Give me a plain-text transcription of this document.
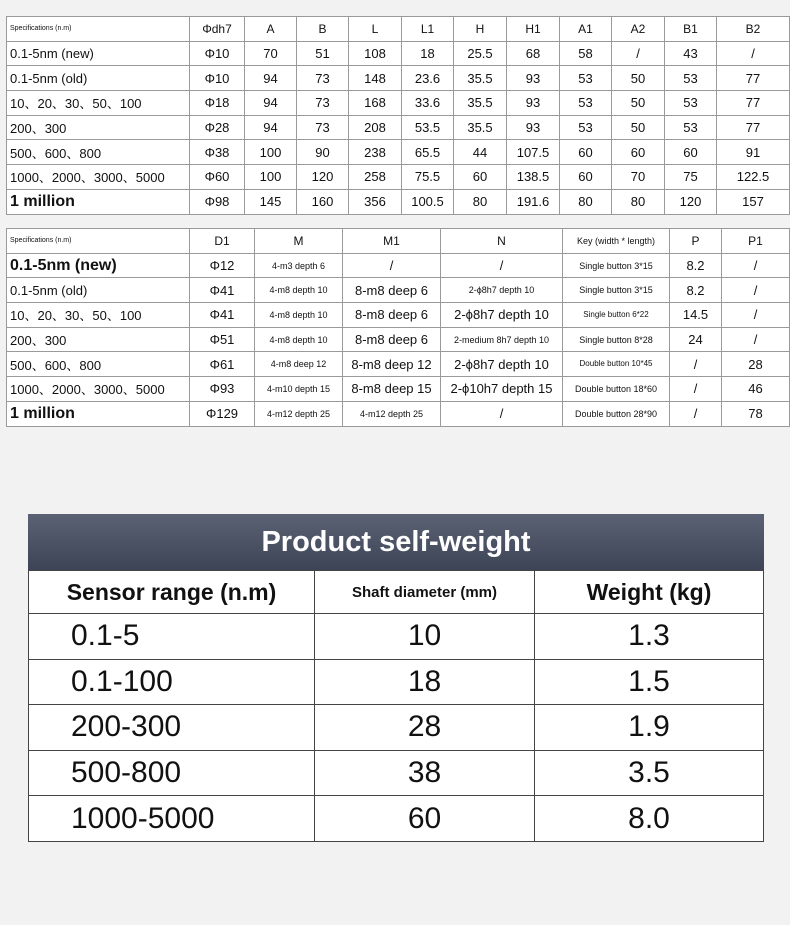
Specifications (n.m)	Φdh7	A	B	L	L1	H	H1	A1	A2	B1	B2
0.1-5nm (new)	Φ10	70	51	108	18	25.5	68	58	/	43	/
0.1-5nm (old)	Φ10	94	73	148	23.6	35.5	93	53	50	53	77
10、20、30、50、100	Φ18	94	73	168	33.6	35.5	93	53	50	53	77
200、300	Φ28	94	73	208	53.5	35.5	93	53	50	53	77
500、600、800	Φ38	100	90	238	65.5	44	107.5	60	60	60	91
1000、2000、3000、5000	Φ60	100	120	258	75.5	60	138.5	60	70	75	122.5
1 million	Φ98	145	160	356	100.5	80	191.6	80	80	120	157
Specifications (n.m)	D1	M	M1	N	Key (width * length)	P	P1
0.1-5nm (new)	Φ12	4-m3 depth 6	/	/	Single button 3*15	8.2	/
0.1-5nm (old)	Φ41	4-m8 depth 10	8-m8 deep 6	2-ϕ8h7 depth 10	Single button 3*15	8.2	/
10、20、30、50、100	Φ41	4-m8 depth 10	8-m8 deep 6	2-ϕ8h7 depth 10	Single button 6*22	14.5	/
200、300	Φ51	4-m8 depth 10	8-m8 deep 6	2-medium 8h7 depth 10	Single button 8*28	24	/
500、600、800	Φ61	4-m8 deep 12	8-m8 deep 12	2-ϕ8h7 depth 10	Double button 10*45	/	28
1000、2000、3000、5000	Φ93	4-m10 depth 15	8-m8 deep 15	2-ϕ10h7 depth 15	Double button 18*60	/	46
1 million	Φ129	4-m12 depth 25	4-m12 depth 25	/	Double button 28*90	/	78
Product self-weight
Sensor range (n.m)	Shaft diameter (mm)	Weight (kg)
0.1-5	10	1.3
0.1-100	18	1.5
200-300	28	1.9
500-800	38	3.5
1000-5000	60	8.0
